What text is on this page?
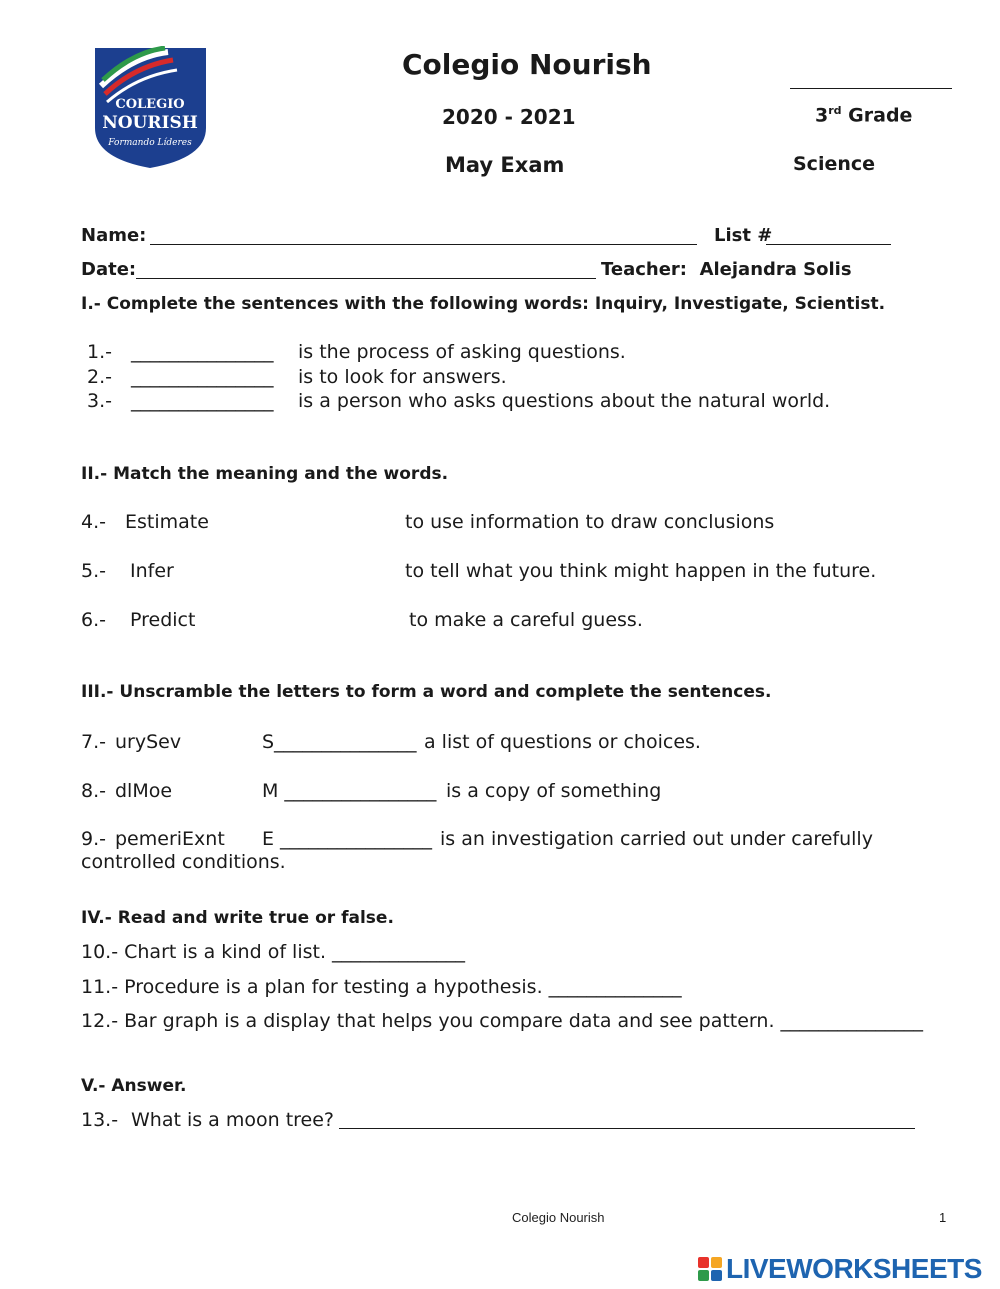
COLEGIO
NOURISH
Formando Líderes
Colegio Nourish
2020 - 2021
May Exam
3rd Grade
Science
Name:	List #
Date:	Teacher: Alejandra Solis
I.- Complete the sentences with the following words: Inquiry, Investigate, Scientist.
1.- _______________ is the process of asking questions.
2.- _______________ is to look for answers.
3.- _______________ is a person who asks questions about the natural world.
II.- Match the meaning and the words.
4.- Estimate	to use information to draw conclusions
5.- Infer	to tell what you think might happen in the future.
6.- Predict	to make a careful guess.
III.- Unscramble the letters to form a word and complete the sentences.
7.- urySev	S_______________ a list of questions or choices.
8.- dlMoe	M ________________ is a copy of something
9.- pemeriExnt E ________________ is an investigation carried out under carefully
controlled conditions.
IV.- Read and write true or false.
10.- Chart is a kind of list. ______________
11.- Procedure is a plan for testing a hypothesis. ______________
12.- Bar graph is a display that helps you compare data and see pattern. _______________
V.- Answer.
13.- What is a moon tree?
Colegio Nourish	1
LIVEWORKSHEETS
